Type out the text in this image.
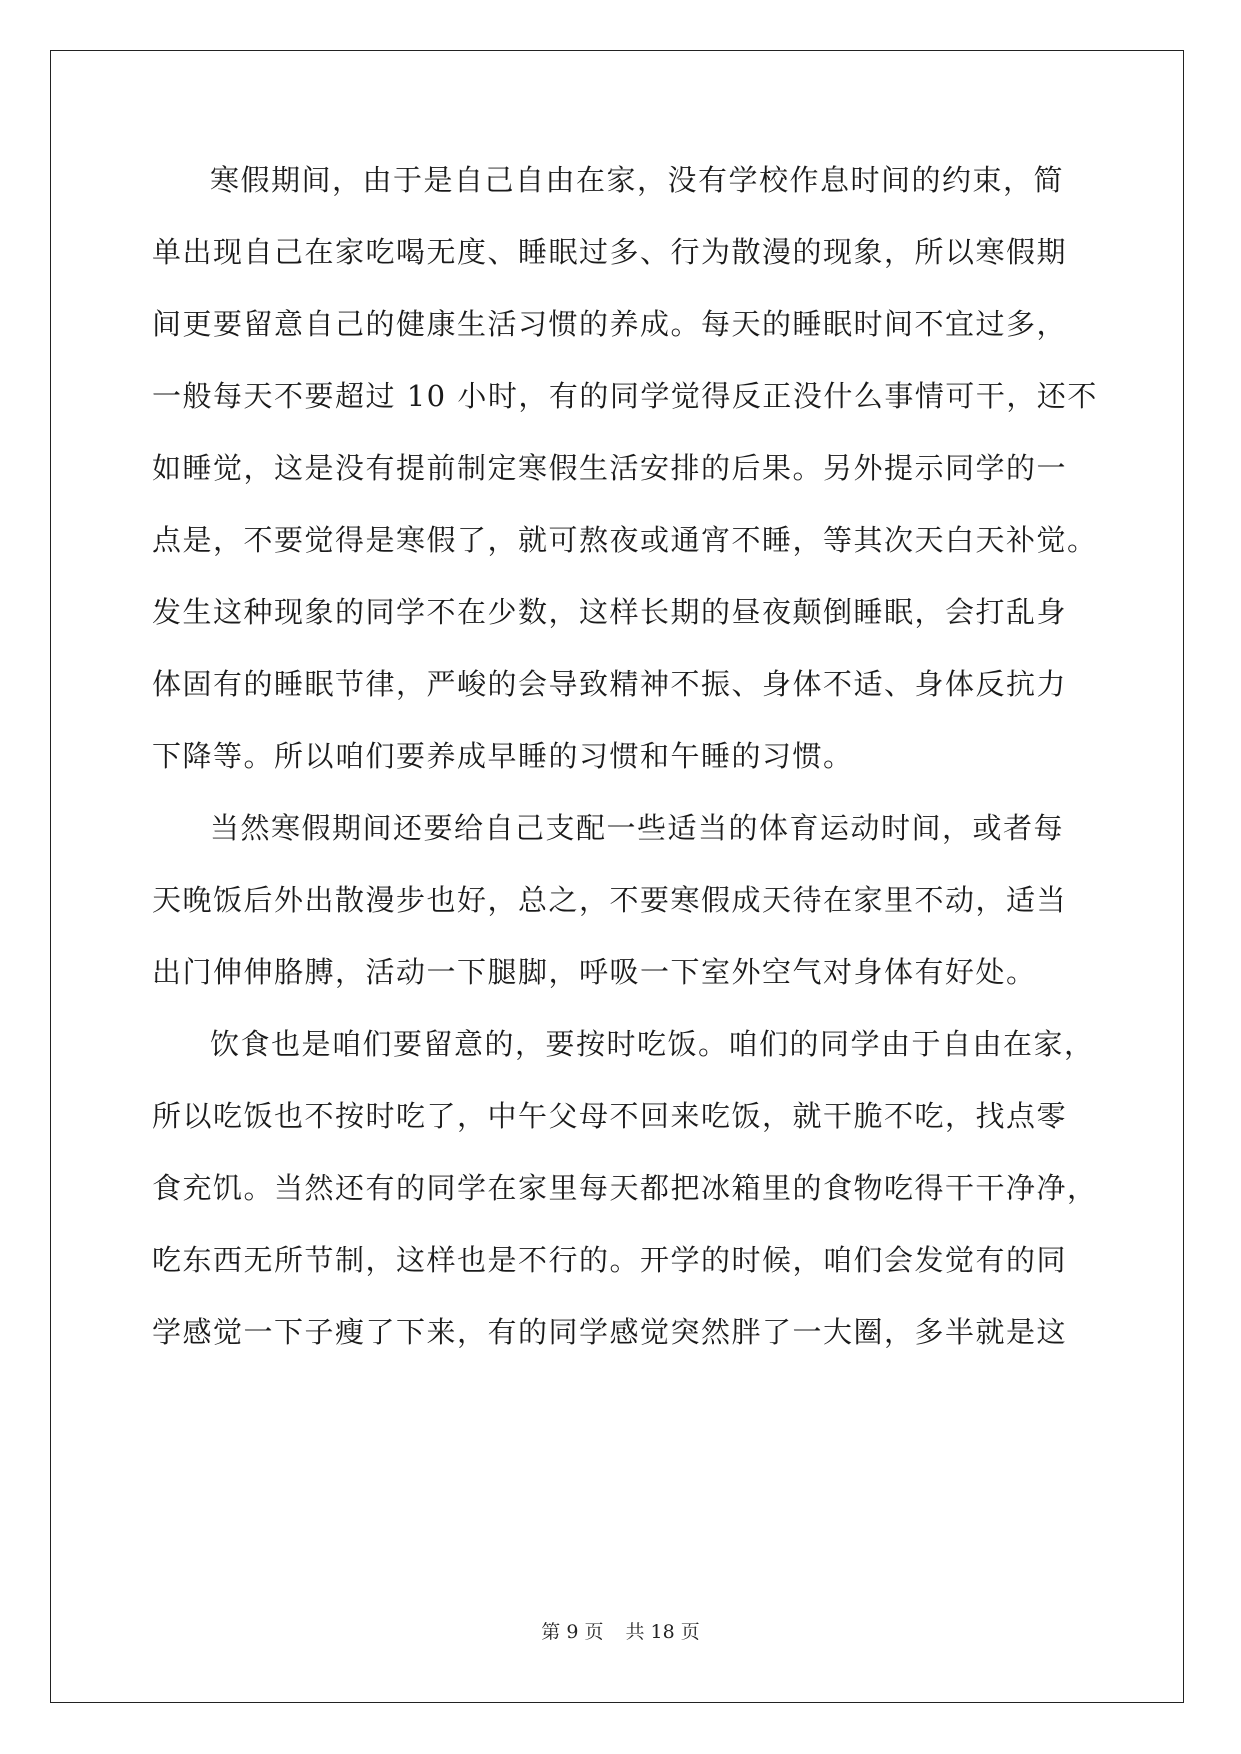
寒假期间，由于是自己自由在家，没有学校作息时间的约束，简
单出现自己在家吃喝无度、睡眠过多、行为散漫的现象，所以寒假期
间更要留意自己的健康生活习惯的养成。每天的睡眠时间不宜过多，
一般每天不要超过 10 小时，有的同学觉得反正没什么事情可干，还不
如睡觉，这是没有提前制定寒假生活安排的后果。另外提示同学的一
点是，不要觉得是寒假了，就可熬夜或通宵不睡，等其次天白天补觉。
发生这种现象的同学不在少数，这样长期的昼夜颠倒睡眠，会打乱身
体固有的睡眠节律，严峻的会导致精神不振、身体不适、身体反抗力
下降等。所以咱们要养成早睡的习惯和午睡的习惯。
当然寒假期间还要给自己支配一些适当的体育运动时间，或者每
天晚饭后外出散漫步也好，总之，不要寒假成天待在家里不动，适当
出门伸伸胳膊，活动一下腿脚，呼吸一下室外空气对身体有好处。
饮食也是咱们要留意的，要按时吃饭。咱们的同学由于自由在家，
所以吃饭也不按时吃了，中午父母不回来吃饭，就干脆不吃，找点零
食充饥。当然还有的同学在家里每天都把冰箱里的食物吃得干干净净，
吃东西无所节制，这样也是不行的。开学的时候，咱们会发觉有的同
学感觉一下子瘦了下来，有的同学感觉突然胖了一大圈，多半就是这
第 9 页 共 18 页
